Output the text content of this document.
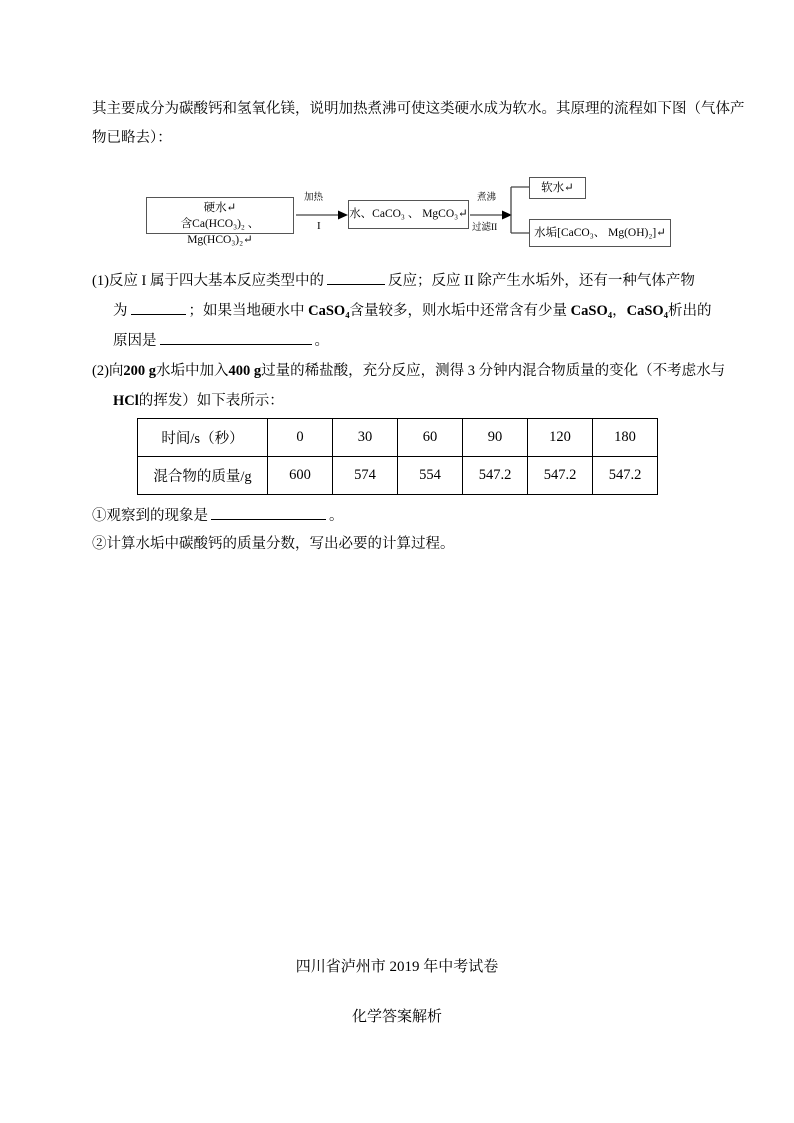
其主要成分为碳酸钙和氢氧化镁，说明加热煮沸可使这类硬水成为软水。其原理的流程如下图（气体产
物已略去）：
硬水↵
含Ca(HCO₃)₂ 、 Mg(HCO₃)₂↵
加热
I
水、CaCO₃ 、 MgCO₃↵
煮沸
过滤II
软水↵
水垢[CaCO₃、 Mg(OH)₂]↵
(1)反应 I 属于四大基本反应类型中的	反应；反应 II 除产生水垢外，还有一种气体产物
为	；如果当地硬水中 CaSO₄含量较多，则水垢中还常含有少量 CaSO₄，CaSO₄析出的
原因是	。
(2)向200 g水垢中加入400 g过量的稀盐酸，充分反应，测得 3 分钟内混合物质量的变化（不考虑水与
HCl的挥发）如下表所示：
时间/s（秒）	0	30	60	90	120	180
混合物的质量/g	600	574	554	547.2	547.2	547.2
①观察到的现象是	。
②计算水垢中碳酸钙的质量分数，写出必要的计算过程。
四川省泸州市 2019 年中考试卷
化学答案解析
